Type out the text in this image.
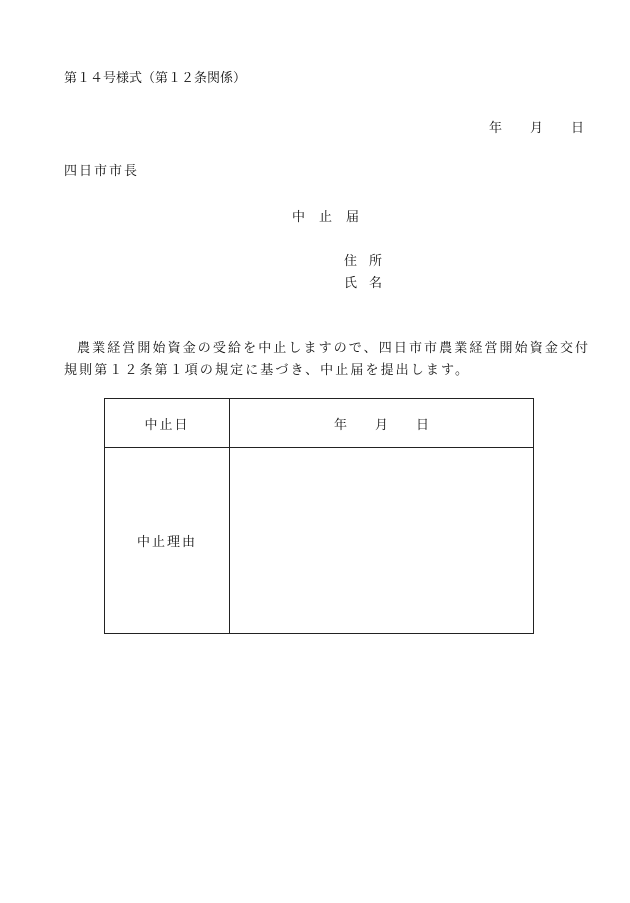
第１４号様式（第１２条関係）
年 月 日
四日市市長
中止届
住所
氏名
農業経営開始資金の受給を中止しますので、四日市市農業経営開始資金交付規則第１２条第１項の規定に基づき、中止届を提出します。
中止日	年 月 日

中止理由	
